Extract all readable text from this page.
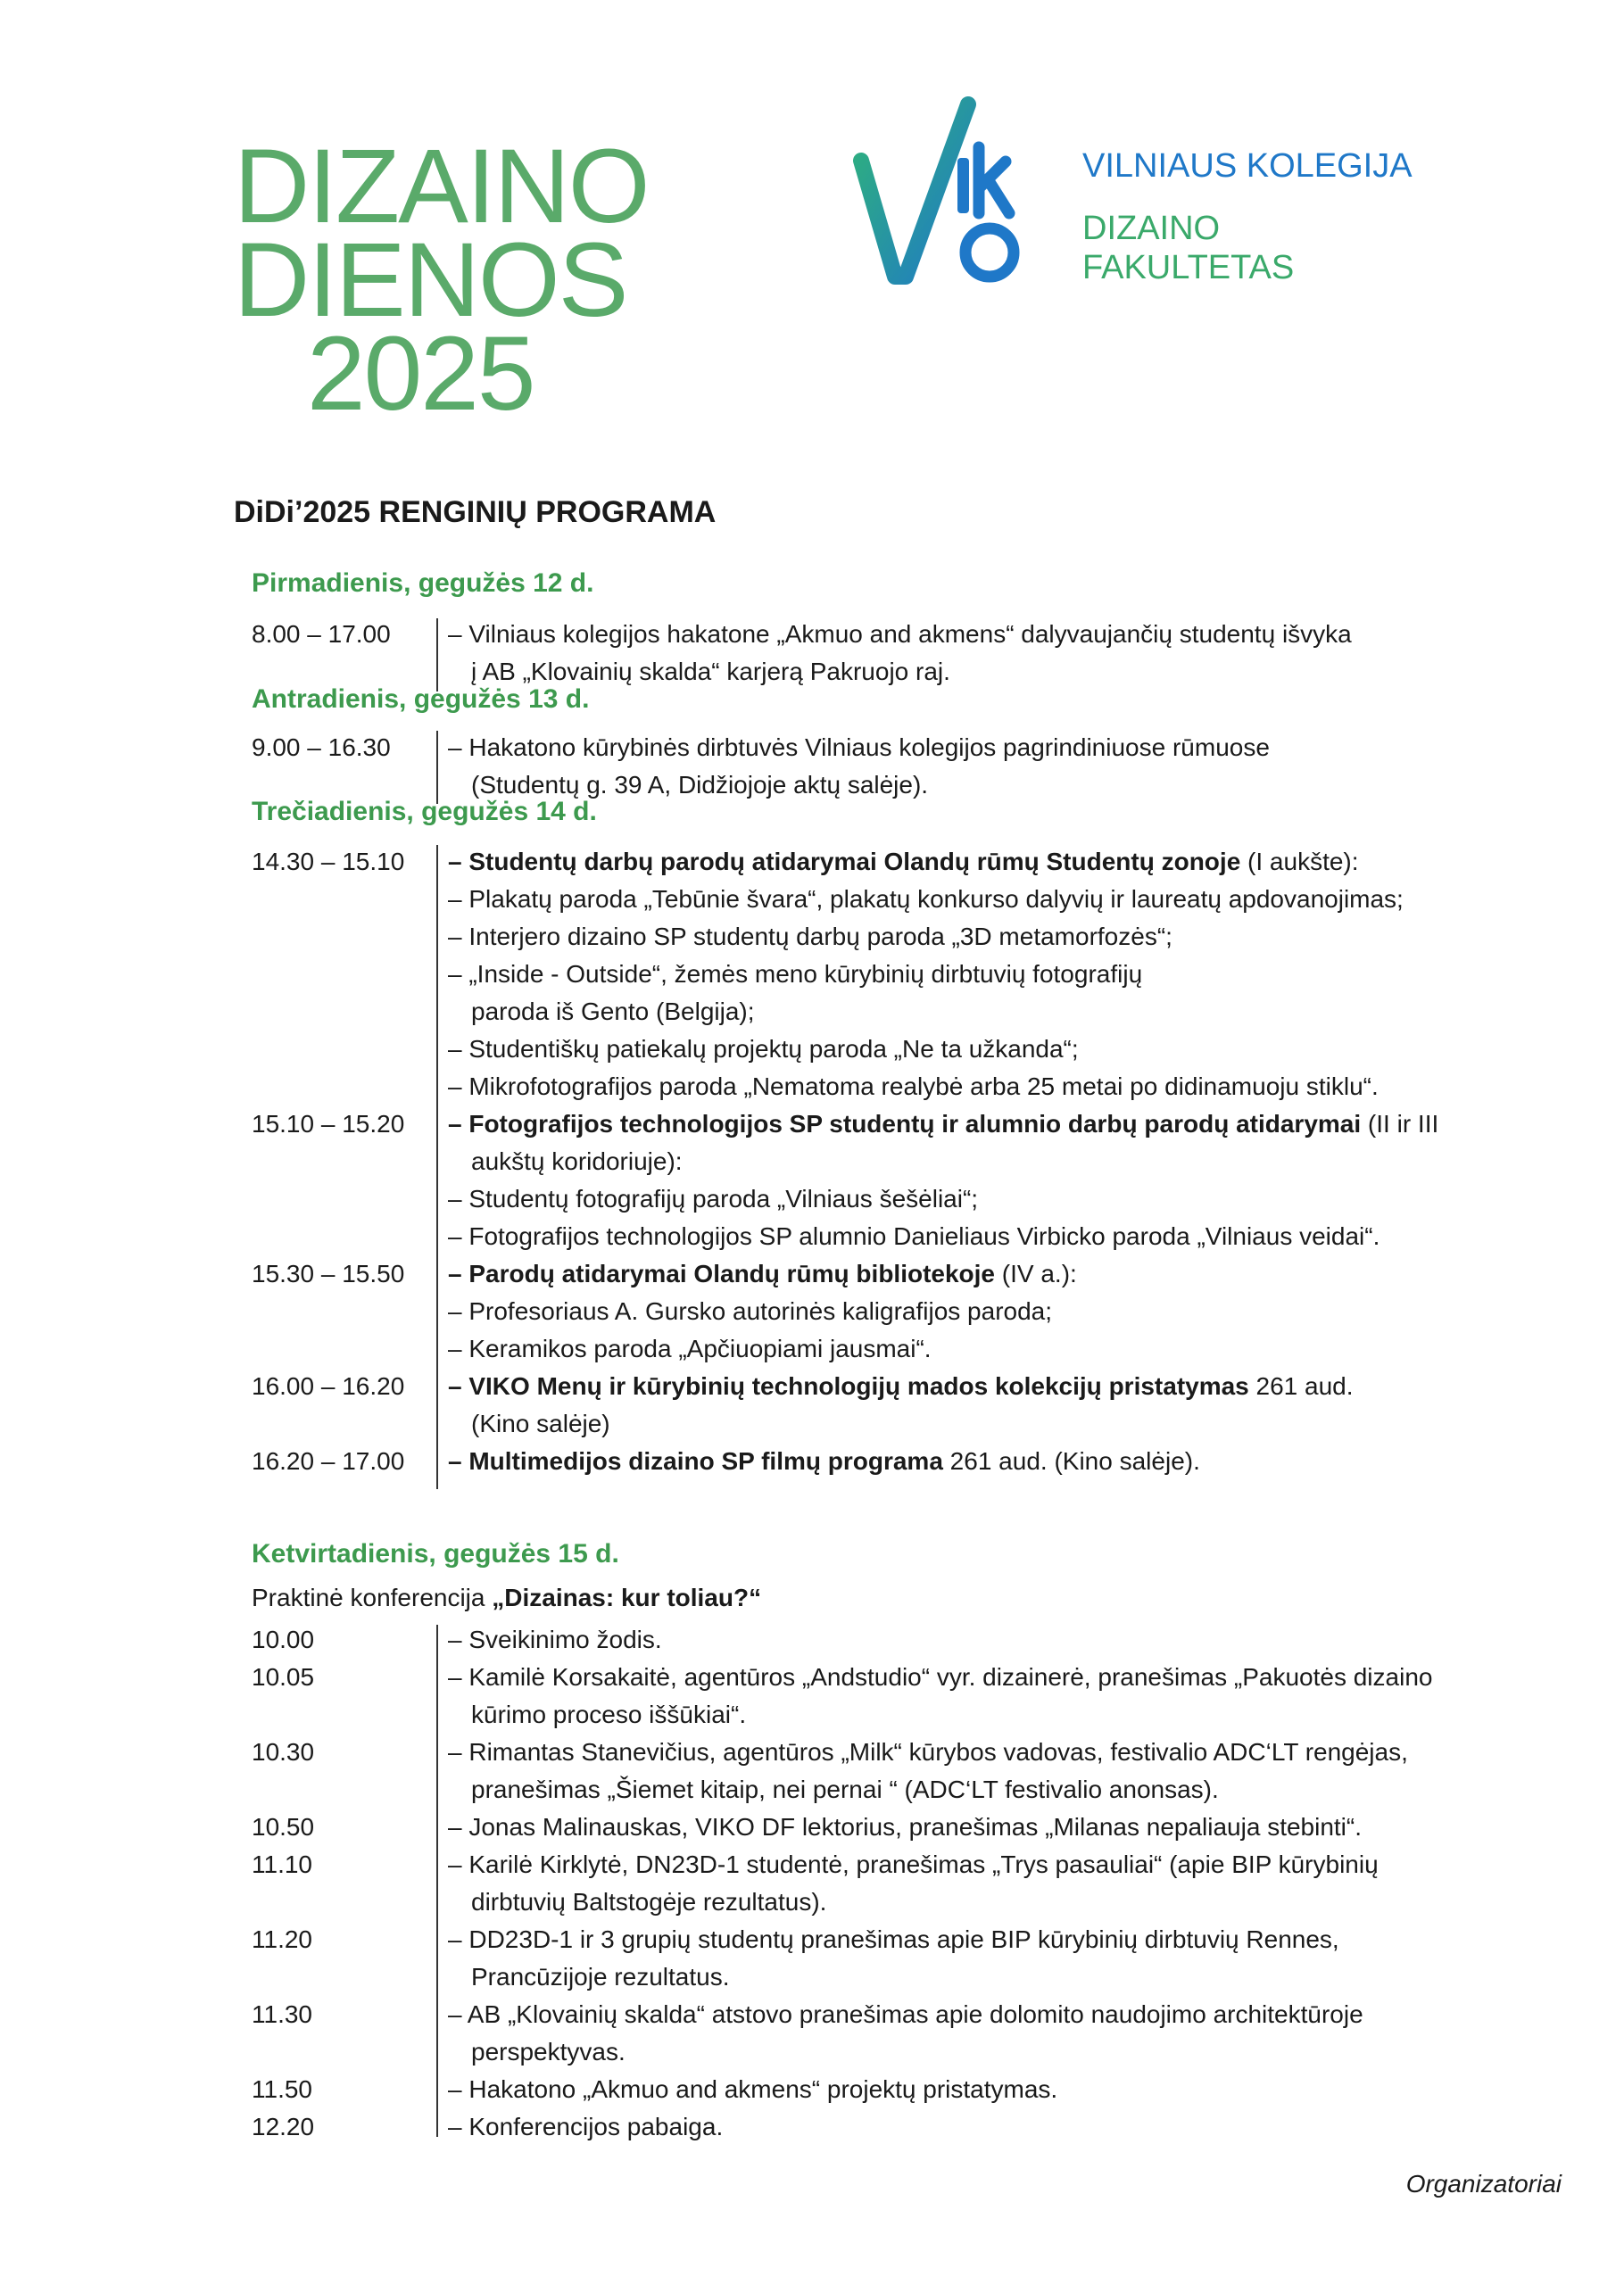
DIZAINO
DIENOS
2025
VILNIAUS KOLEGIJA
DIZAINO
FAKULTETAS
DiDi’2025 RENGINIŲ PROGRAMA
Pirmadienis, gegužės 12 d.
8.00 – 17.00 – Vilniaus kolegijos hakatone „Akmuo and akmens“ dalyvaujančių studentų išvyka
į AB „Klovainių skalda“ karjerą Pakruojo raj.
Antradienis, gegužės 13 d.
9.00 – 16.30 – Hakatono kūrybinės dirbtuvės Vilniaus kolegijos pagrindiniuose rūmuose
(Studentų g. 39 A, Didžiojoje aktų salėje).
Trečiadienis, gegužės 14 d.
14.30 – 15.10 – Studentų darbų parodų atidarymai Olandų rūmų Studentų zonoje (I aukšte):
– Plakatų paroda „Tebūnie švara“, plakatų konkurso dalyvių ir laureatų apdovanojimas;
– Interjero dizaino SP studentų darbų paroda „3D metamorfozės“;
– „Inside - Outside“, žemės meno kūrybinių dirbtuvių fotografijų
paroda iš Gento (Belgija);
– Studentiškų patiekalų projektų paroda „Ne ta užkanda“;
– Mikrofotografijos paroda „Nematoma realybė arba 25 metai po didinamuoju stiklu“.
15.10 – 15.20 – Fotografijos technologijos SP studentų ir alumnio darbų parodų atidarymai (II ir III
aukštų koridoriuje):
– Studentų fotografijų paroda „Vilniaus šešėliai“;
– Fotografijos technologijos SP alumnio Danieliaus Virbicko paroda „Vilniaus veidai“.
15.30 – 15.50 – Parodų atidarymai Olandų rūmų bibliotekoje (IV a.):
– Profesoriaus A. Gursko autorinės kaligrafijos paroda;
– Keramikos paroda „Apčiuopiami jausmai“.
16.00 – 16.20 – VIKO Menų ir kūrybinių technologijų mados kolekcijų pristatymas 261 aud.
(Kino salėje)
16.20 – 17.00 – Multimedijos dizaino SP filmų programa 261 aud. (Kino salėje).
Ketvirtadienis, gegužės 15 d.
Praktinė konferencija „Dizainas: kur toliau?“
10.00	– Sveikinimo žodis.
10.05	– Kamilė Korsakaitė, agentūros „Andstudio“ vyr. dizainerė, pranešimas „Pakuotės dizaino
kūrimo proceso iššūkiai“.
10.30	– Rimantas Stanevičius, agentūros „Milk“ kūrybos vadovas, festivalio ADC‘LT rengėjas,
pranešimas „Šiemet kitaip, nei pernai “ (ADC‘LT festivalio anonsas).
10.50	– Jonas Malinauskas, VIKO DF lektorius, pranešimas „Milanas nepaliauja stebinti“.
11.10	– Karilė Kirklytė, DN23D-1 studentė, pranešimas „Trys pasauliai“ (apie BIP kūrybinių
dirbtuvių Baltstogėje rezultatus).
11.20	– DD23D-1 ir 3 grupių studentų pranešimas apie BIP kūrybinių dirbtuvių Rennes,
Prancūzijoje rezultatus.
11.30	– AB „Klovainių skalda“ atstovo pranešimas apie dolomito naudojimo architektūroje
perspektyvas.
11.50	– Hakatono „Akmuo and akmens“ projektų pristatymas.
12.20	– Konferencijos pabaiga.
Organizatoriai
